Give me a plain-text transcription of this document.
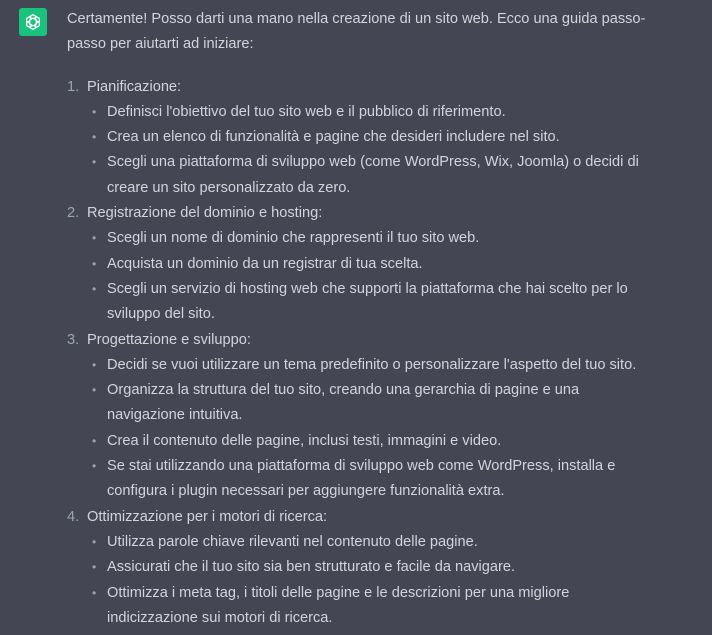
Certamente! Posso darti una mano nella creazione di un sito web. Ecco una guida passo-passo per aiutarti ad iniziare:

1. Pianificazione:
• Definisci l'obiettivo del tuo sito web e il pubblico di riferimento.
• Crea un elenco di funzionalità e pagine che desideri includere nel sito.
• Scegli una piattaforma di sviluppo web (come WordPress, Wix, Joomla) o decidi di creare un sito personalizzato da zero.
2. Registrazione del dominio e hosting:
• Scegli un nome di dominio che rappresenti il tuo sito web.
• Acquista un dominio da un registrar di tua scelta.
• Scegli un servizio di hosting web che supporti la piattaforma che hai scelto per lo sviluppo del sito.
3. Progettazione e sviluppo:
• Decidi se vuoi utilizzare un tema predefinito o personalizzare l'aspetto del tuo sito.
• Organizza la struttura del tuo sito, creando una gerarchia di pagine e una navigazione intuitiva.
• Crea il contenuto delle pagine, inclusi testi, immagini e video.
• Se stai utilizzando una piattaforma di sviluppo web come WordPress, installa e configura i plugin necessari per aggiungere funzionalità extra.
4. Ottimizzazione per i motori di ricerca:
• Utilizza parole chiave rilevanti nel contenuto delle pagine.
• Assicurati che il tuo sito sia ben strutturato e facile da navigare.
• Ottimizza i meta tag, i titoli delle pagine e le descrizioni per una migliore indicizzazione sui motori di ricerca.
